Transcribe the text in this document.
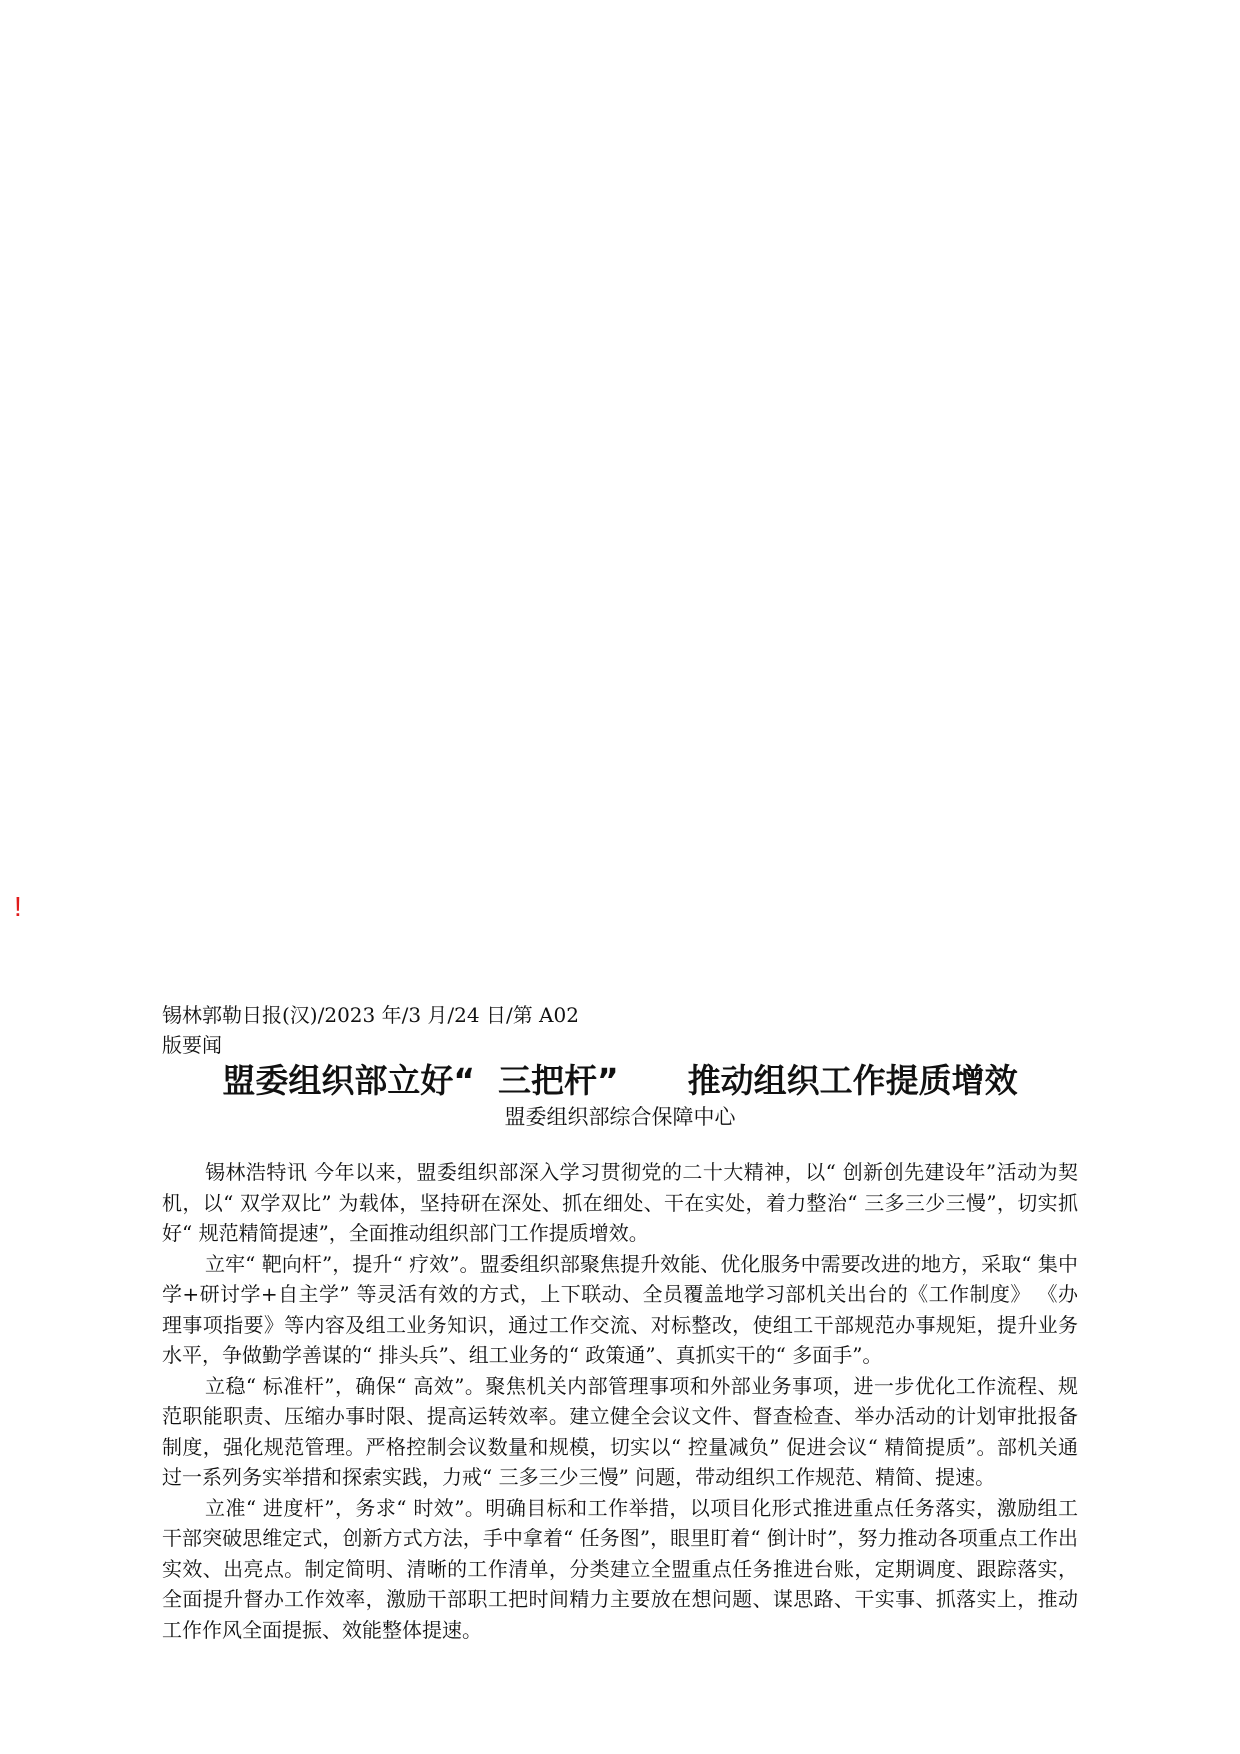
!
锡林郭勒日报(汉)/2023 年/3 月/24 日/第 A02 版要闻
盟委组织部立好“  三把杆”      推动组织工作提质增效
盟委组织部综合保障中心

锡林浩特讯 今年以来，盟委组织部深入学习贯彻党的二十大精神，以“ 创新创先建设年”活动为契机，以“ 双学双比” 为载体，坚持研在深处、抓在细处、干在实处，着力整治“ 三多三少三慢”，切实抓好“ 规范精简提速”，全面推动组织部门工作提质增效。

立牢“ 靶向杆”，提升“ 疗效”。盟委组织部聚焦提升效能、优化服务中需要改进的地方，采取“ 集中学+研讨学+自主学” 等灵活有效的方式，上下联动、全员覆盖地学习部机关出台的《工作制度》 《办理事项指要》等内容及组工业务知识，通过工作交流、对标整改，使组工干部规范办事规矩，提升业务水平，争做勤学善谋的“ 排头兵”、组工业务的“ 政策通”、真抓实干的“ 多面手”。

立稳“ 标准杆”，确保“ 高效”。聚焦机关内部管理事项和外部业务事项，进一步优化工作流程、规范职能职责、压缩办事时限、提高运转效率。建立健全会议文件、督查检查、举办活动的计划审批报备制度，强化规范管理。严格控制会议数量和规模，切实以“ 控量减负” 促进会议“ 精简提质”。部机关通过一系列务实举措和探索实践，力戒“ 三多三少三慢” 问题，带动组织工作规范、精简、提速。

立准“ 进度杆”，务求“ 时效”。明确目标和工作举措，以项目化形式推进重点任务落实，激励组工干部突破思维定式，创新方式方法，手中拿着“ 任务图”，眼里盯着“ 倒计时”，努力推动各项重点工作出实效、出亮点。制定简明、清晰的工作清单，分类建立全盟重点任务推进台账，定期调度、跟踪落实，全面提升督办工作效率，激励干部职工把时间精力主要放在想问题、谋思路、干实事、抓落实上，推动工作作风全面提振、效能整体提速。
